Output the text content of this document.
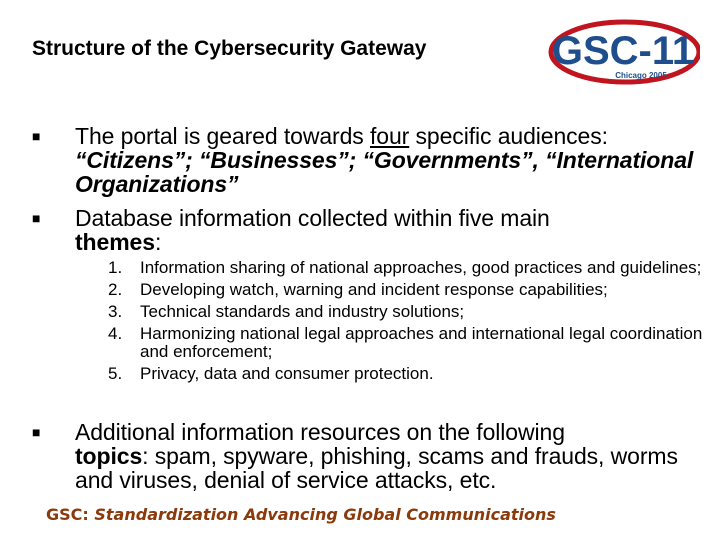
Structure of the Cybersecurity Gateway	GSC-11
Chicago 2005
■ The portal is geared towards four specific audiences:
“Citizens”; “Businesses”; “Governments”, “International Organizations”
■ Database information collected within five main
themes:
1. Information sharing of national approaches, good practices and guidelines;
2. Developing watch, warning and incident response capabilities;
3. Technical standards and industry solutions;
4. Harmonizing national legal approaches and international legal coordination and enforcement;
5. Privacy, data and consumer protection.
■ Additional information resources on the following
topics: spam, spyware, phishing, scams and frauds, worms and viruses, denial of service attacks, etc.
GSC: Standardization Advancing Global Communications
